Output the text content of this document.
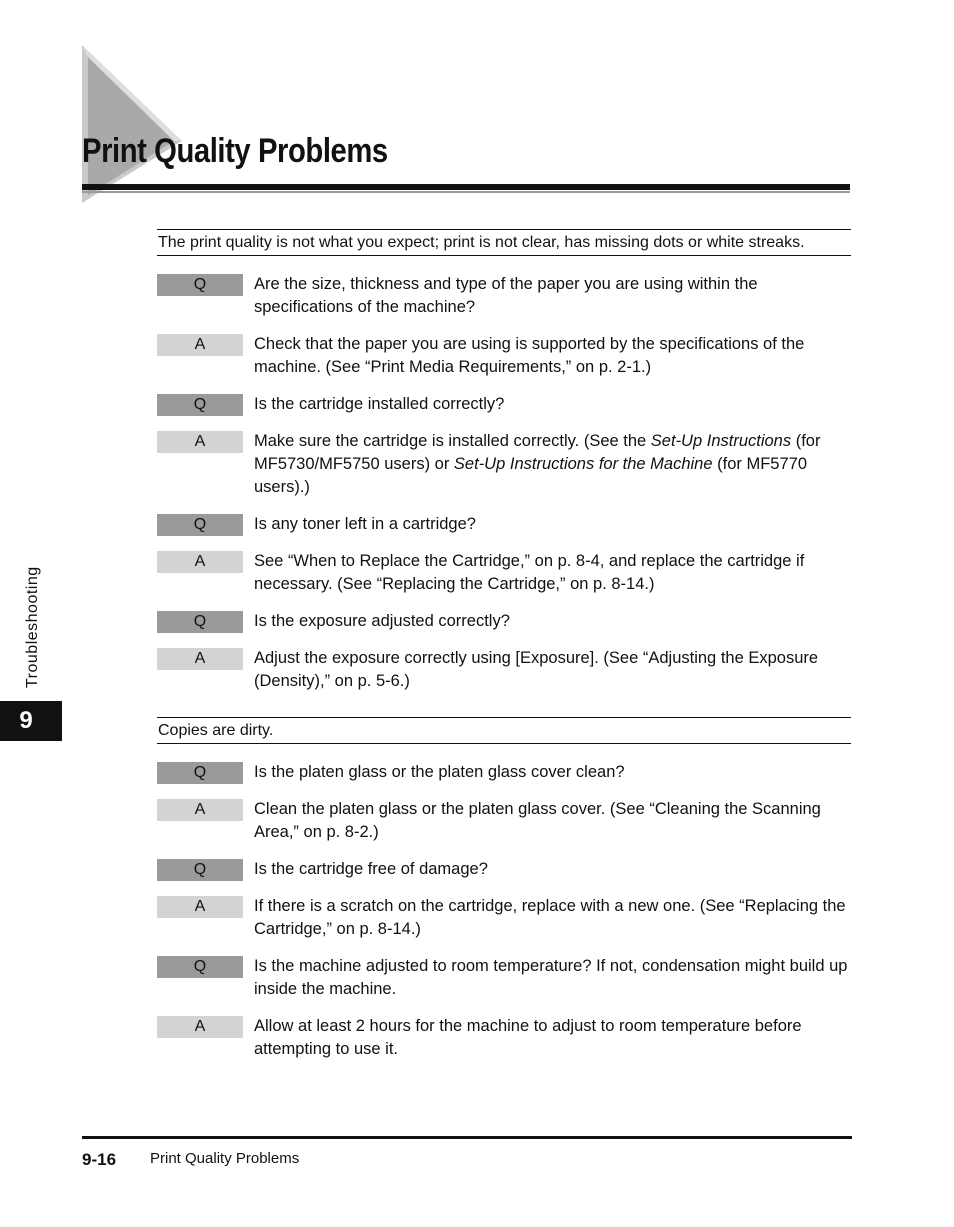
Print Quality Problems
The print quality is not what you expect; print is not clear, has missing dots or white streaks.
Q	Are the size, thickness and type of the paper you are using within the specifications of the machine?
A	Check that the paper you are using is supported by the specifications of the machine. (See “Print Media Requirements,” on p. 2-1.)
Q	Is the cartridge installed correctly?
A	Make sure the cartridge is installed correctly. (See the Set-Up Instructions (for MF5730/MF5750 users) or Set-Up Instructions for the Machine (for MF5770 users).)
Q	Is any toner left in a cartridge?
A	See “When to Replace the Cartridge,” on p. 8-4, and replace the cartridge if necessary. (See “Replacing the Cartridge,” on p. 8-14.)
Q	Is the exposure adjusted correctly?
A	Adjust the exposure correctly using [Exposure]. (See “Adjusting the Exposure (Density),” on p. 5-6.)
Copies are dirty.
Q	Is the platen glass or the platen glass cover clean?
A	Clean the platen glass or the platen glass cover. (See “Cleaning the Scanning Area,” on p. 8-2.)
Q	Is the cartridge free of damage?
A	If there is a scratch on the cartridge, replace with a new one. (See “Replacing the Cartridge,” on p. 8-14.)
Q	Is the machine adjusted to room temperature? If not, condensation might build up inside the machine.
A	Allow at least 2 hours for the machine to adjust to room temperature before attempting to use it.
Troubleshooting
9
9-16 Print Quality Problems
